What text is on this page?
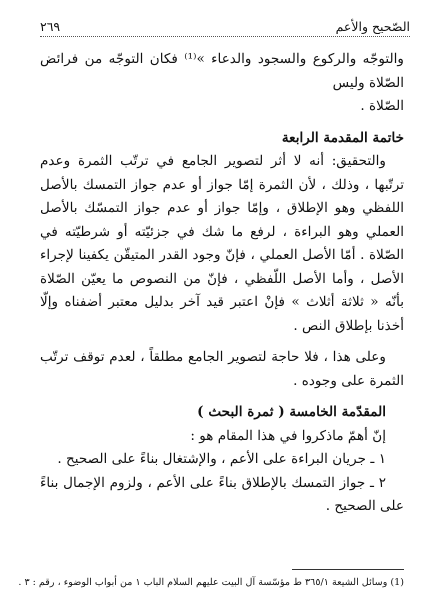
الصّحيح والأعم
٢٦٩

والتوجّه والركوع والسجود والدعاء »⁽¹⁾ فكان التوجّه من فرائض الصّلاة وليس

الصّلاة .

خاتمة المقدمة الرابعة

والتحقيق: أنه لا أثر لتصوير الجامع في ترتّب الثمرة وعدم ترتّبها ، وذلك ، لأن الثمرة إمّا جواز أو عدم جواز التمسك بالأصل اللفظي وهو الإطلاق ، وإمّا جواز أو عدم جواز التمسّك بالأصل العملي وهو البراءة ، لرفع ما شك في جزئيّته أو شرطيّته في الصّلاة . أمّا الأصل العملي ، فإنّ وجود القدر المتيقّن يكفينا لإجراء الأصل ، وأما الأصل اللّفظي ، فإنّ من النصوص ما يعيّن الصّلاة بأنّه « ثلاثة أثلاث » فإنْ اعتبر قيد آخر بدليل معتبر أضفناه وإلّا أخذنا بإطلاق النص .

وعلى هذا ، فلا حاجة لتصوير الجامع مطلقاً ، لعدم توقف ترتّب الثمرة على وجوده .

المقدّمة الخامسة ( ثمرة البحث )

إنّ أهمّ ماذكروا في هذا المقام هو :

١ ـ جريان البراءة على الأعم ، والإشتغال بناءً على الصحيح .

٢ ـ جواز التمسك بالإطلاق بناءً على الأعم ، ولزوم الإجمال بناءً على الصحيح .

(1) وسائل الشيعة ٣٦٥/١ ط مؤسّسة آل البيت عليهم السلام الباب ١ من أبواب الوضوء ، رقم : ٣ .
